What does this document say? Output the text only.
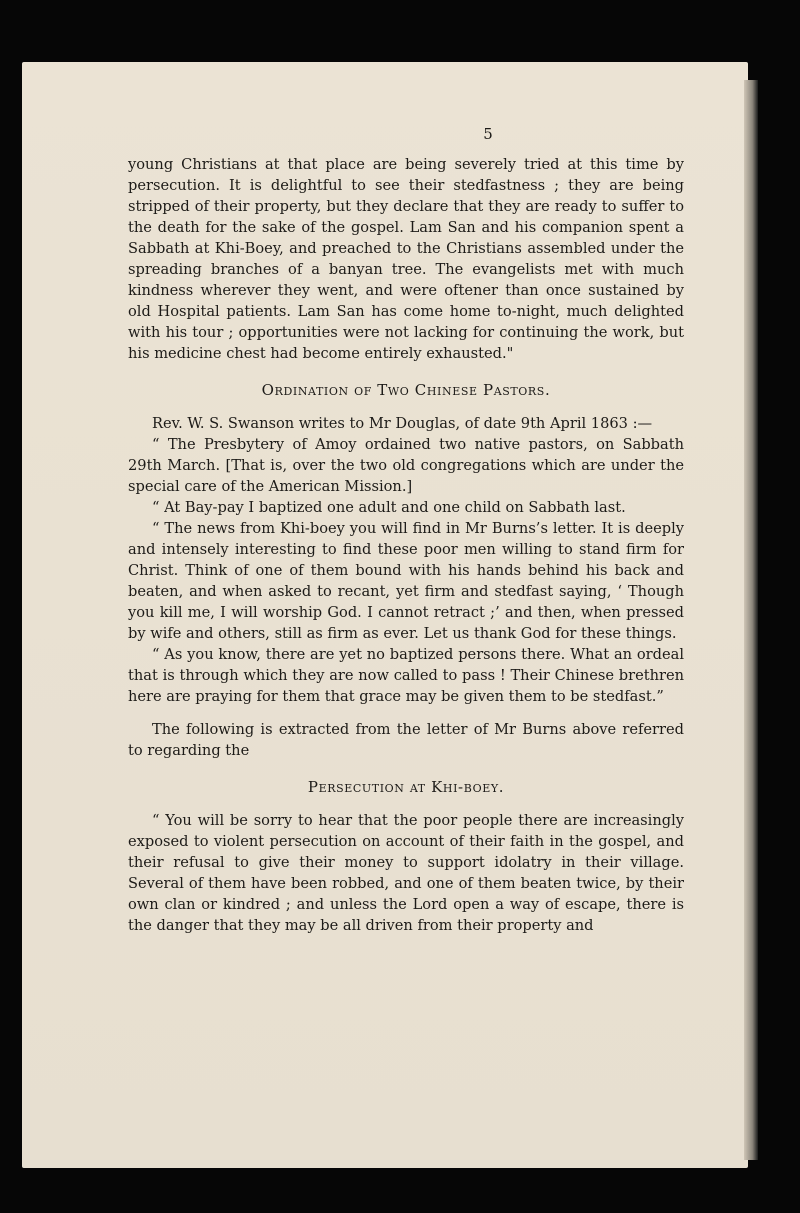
5

young Christians at that place are being severely tried at this time by persecution. It is delightful to see their stedfastness ; they are being stripped of their property, but they declare that they are ready to suffer to the death for the sake of the gospel. Lam San and his companion spent a Sabbath at Khi-Boey, and preached to the Christians assembled under the spreading branches of a banyan tree. The evangelists met with much kindness wherever they went, and were oftener than once sustained by old Hospital patients. Lam San has come home to-night, much delighted with his tour ; opportunities were not lacking for continuing the work, but his medicine chest had become entirely exhausted."

Ordination of Two Chinese Pastors.

Rev. W. S. Swanson writes to Mr Douglas, of date 9th April 1863 :—

“ The Presbytery of Amoy ordained two native pastors, on Sabbath 29th March. [That is, over the two old congregations which are under the special care of the American Mission.]

“ At Bay-pay I baptized one adult and one child on Sabbath last.

“ The news from Khi-boey you will find in Mr Burns’s letter. It is deeply and intensely interesting to find these poor men willing to stand firm for Christ. Think of one of them bound with his hands behind his back and beaten, and when asked to recant, yet firm and stedfast saying, ‘ Though you kill me, I will worship God. I cannot retract ;’ and then, when pressed by wife and others, still as firm as ever. Let us thank God for these things.

“ As you know, there are yet no baptized persons there. What an ordeal that is through which they are now called to pass ! Their Chinese brethren here are praying for them that grace may be given them to be stedfast.”

The following is extracted from the letter of Mr Burns above referred to regarding the

Persecution at Khi-boey.

“ You will be sorry to hear that the poor people there are increasingly exposed to violent persecution on account of their faith in the gospel, and their refusal to give their money to support idolatry in their village. Several of them have been robbed, and one of them beaten twice, by their own clan or kindred ; and unless the Lord open a way of escape, there is the danger that they may be all driven from their property and
